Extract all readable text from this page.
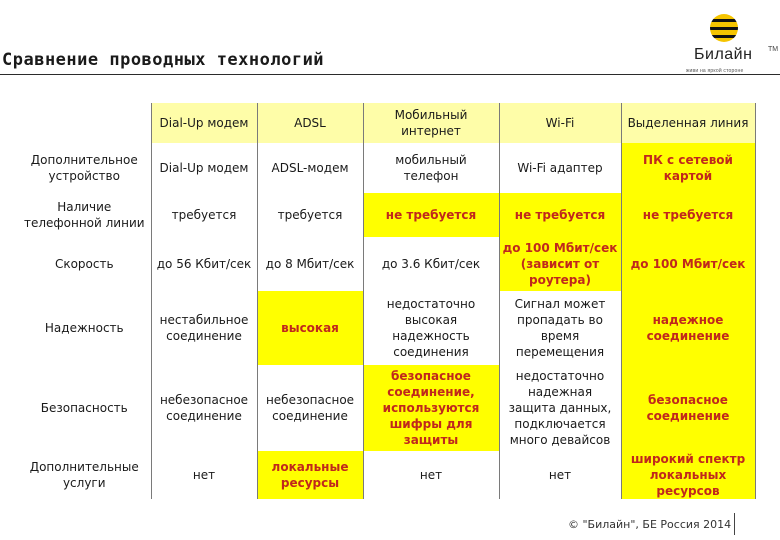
Сравнение проводных технологий	Билайн ТМ
живи на яркой стороне
	Dial-Up модем	ADSL	Мобильный интернет	Wi-Fi	Выделенная линия
Дополнительное устройство	Dial-Up модем	ADSL-модем	мобильный телефон	Wi-Fi адаптер	ПК с сетевой картой
Наличие телефонной линии	требуется	требуется	не требуется	не требуется	не требуется
Скорость	до 56 Кбит/сек	до 8 Мбит/сек	до 3.6 Кбит/сек	до 100 Мбит/сек (зависит от роутера)	до 100 Мбит/сек
Надежность	нестабильное соединение	высокая	недостаточно высокая надежность соединения	Сигнал может пропадать во время перемещения	надежное соединение
Безопасность	небезопасное соединение	небезопасное соединение	безопасное соединение, используются шифры для защиты	недостаточно надежная защита данных, подключается много девайсов	безопасное соединение
Дополнительные услуги	нет	локальные ресурсы	нет	нет	широкий спектр локальных ресурсов
© "Билайн", БЕ Россия 2014
